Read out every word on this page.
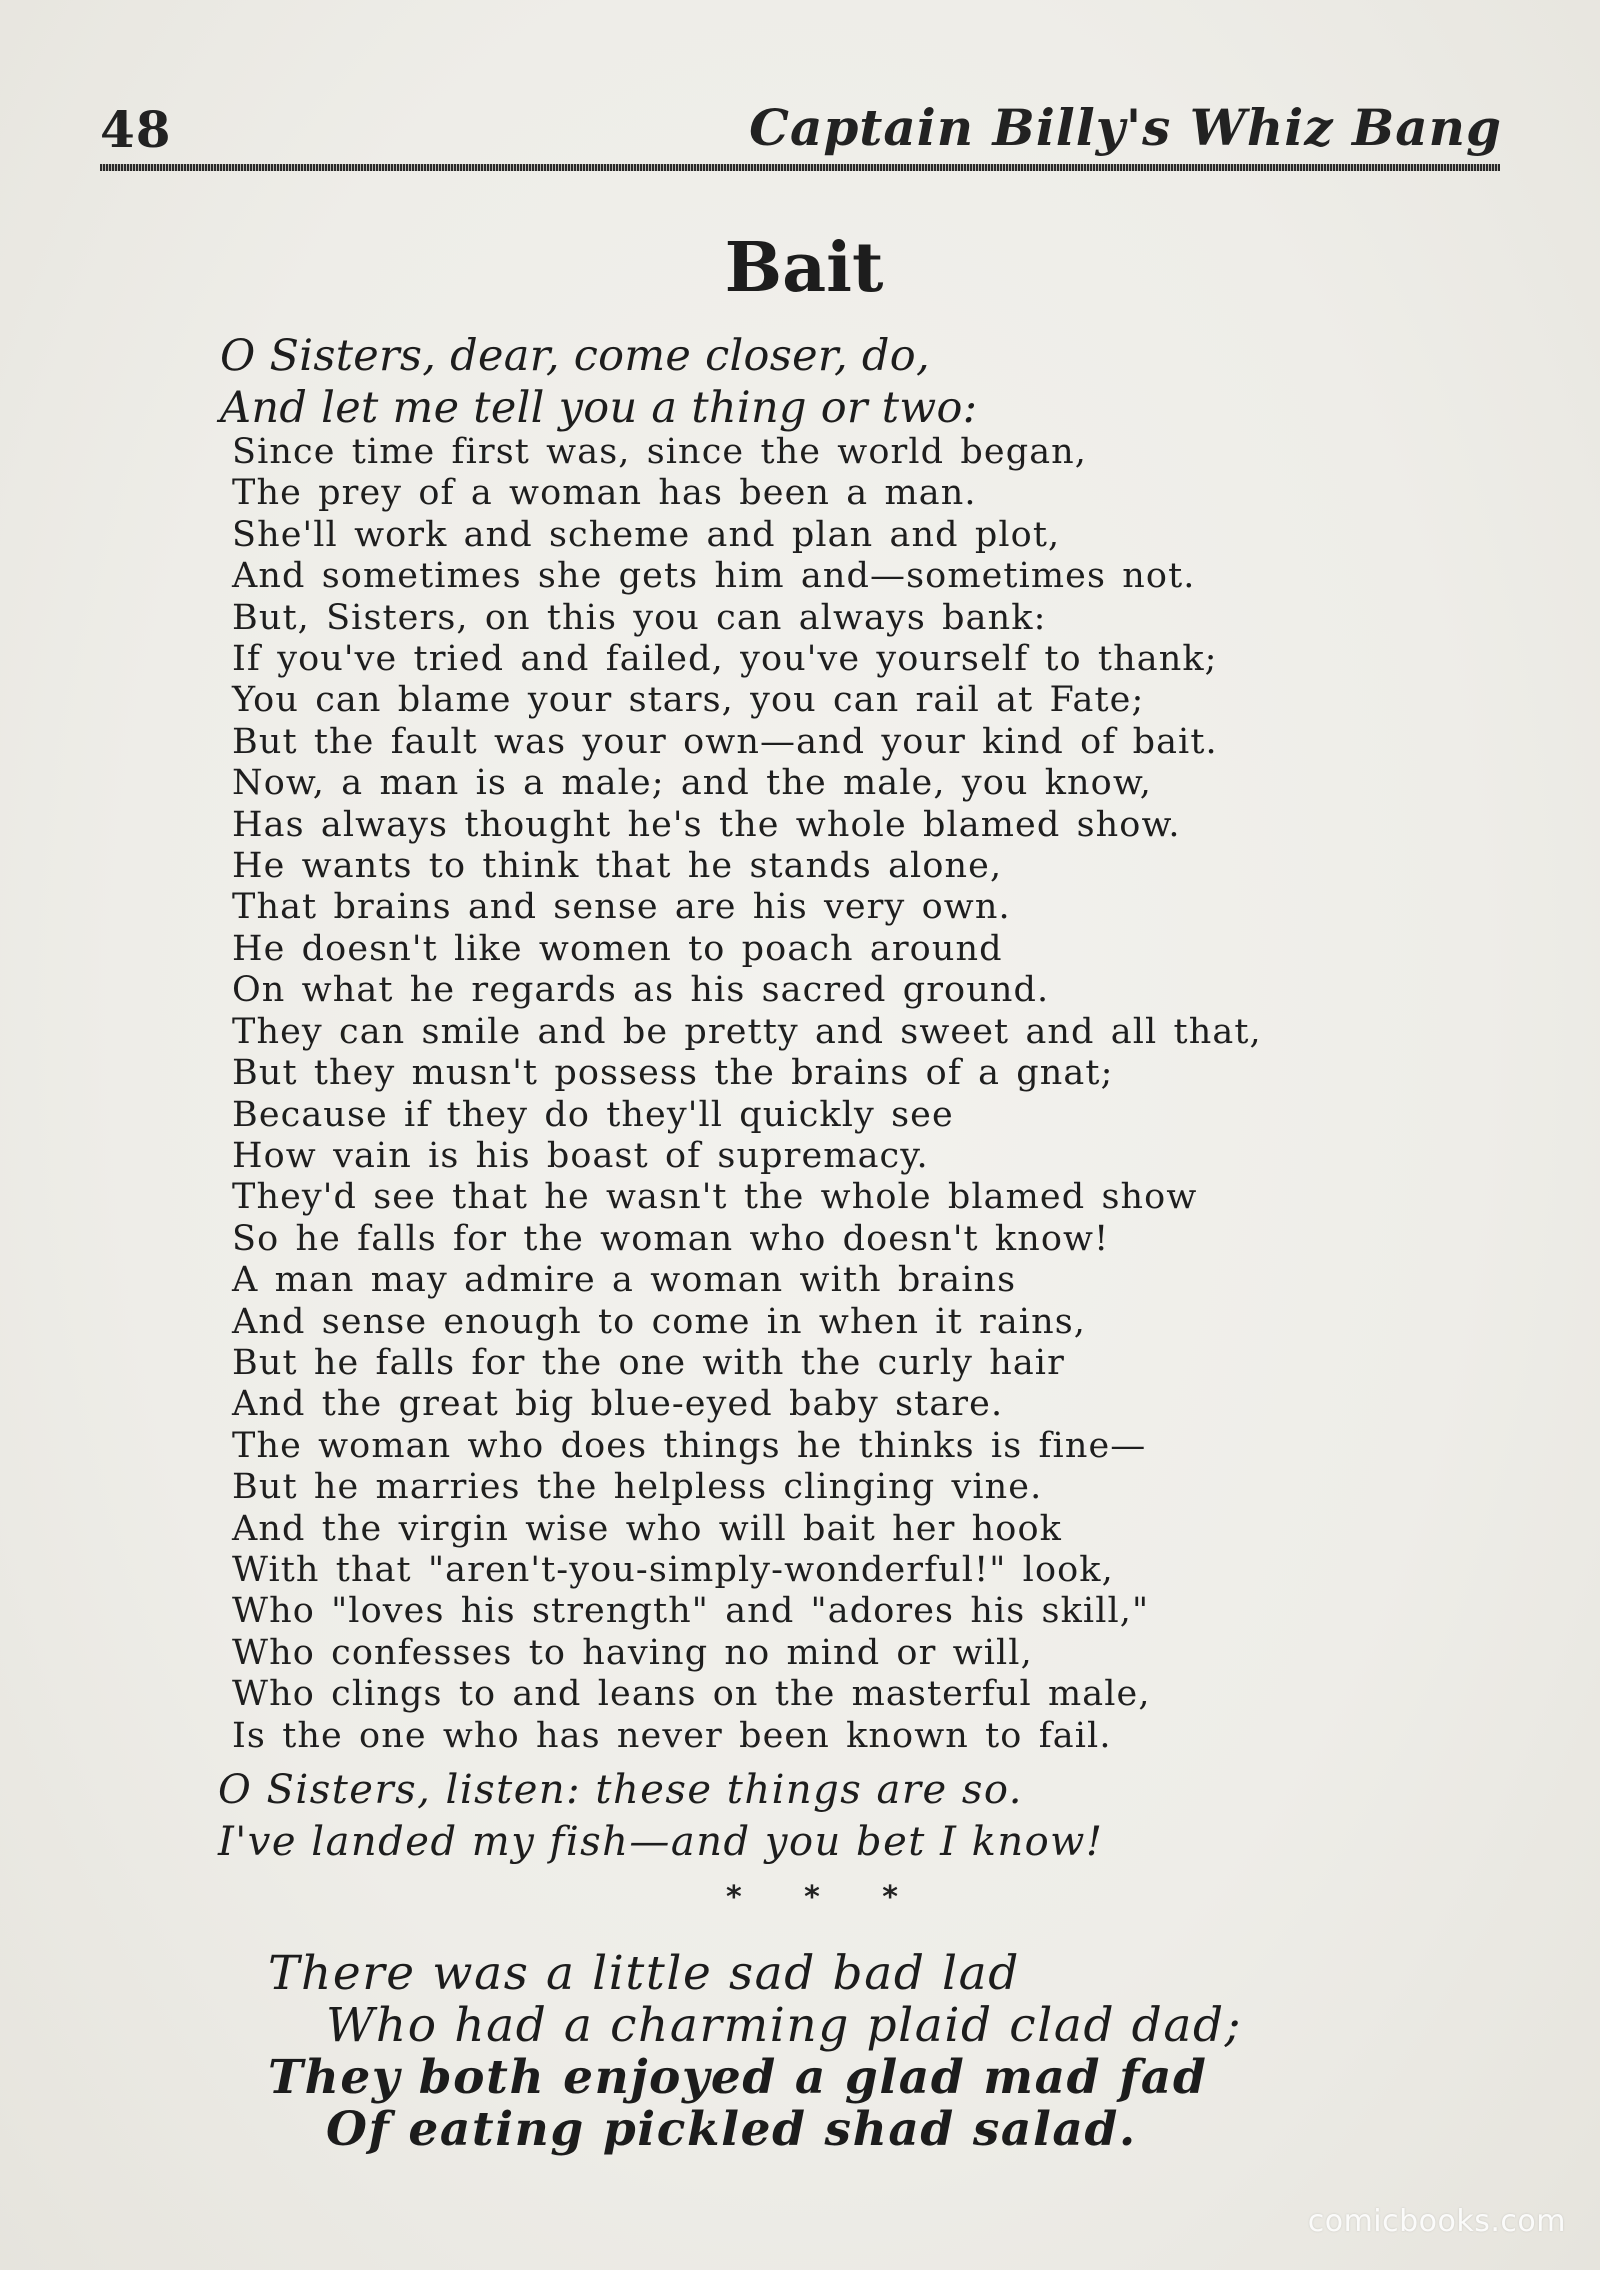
48	Captain Billy's Whiz Bang
Bait
O Sisters, dear, come closer, do,
And let me tell you a thing or two:
Since time first was, since the world began,
The prey of a woman has been a man.
She'll work and scheme and plan and plot,
And sometimes she gets him and—sometimes not.
But, Sisters, on this you can always bank:
If you've tried and failed, you've yourself to thank;
You can blame your stars, you can rail at Fate;
But the fault was your own—and your kind of bait.
Now, a man is a male; and the male, you know,
Has always thought he's the whole blamed show.
He wants to think that he stands alone,
That brains and sense are his very own.
He doesn't like women to poach around
On what he regards as his sacred ground.
They can smile and be pretty and sweet and all that,
But they musn't possess the brains of a gnat;
Because if they do they'll quickly see
How vain is his boast of supremacy.
They'd see that he wasn't the whole blamed show
So he falls for the woman who doesn't know!
A man may admire a woman with brains
And sense enough to come in when it rains,
But he falls for the one with the curly hair
And the great big blue-eyed baby stare.
The woman who does things he thinks is fine—
But he marries the helpless clinging vine.
And the virgin wise who will bait her hook
With that "aren't-you-simply-wonderful!" look,
Who "loves his strength" and "adores his skill,"
Who confesses to having no mind or will,
Who clings to and leans on the masterful male,
Is the one who has never been known to fail.
O Sisters, listen: these things are so.
I've landed my fish—and you bet I know!
* * *
There was a little sad bad lad
Who had a charming plaid clad dad;
They both enjoyed a glad mad fad
Of eating pickled shad salad.
comicbooks.com
